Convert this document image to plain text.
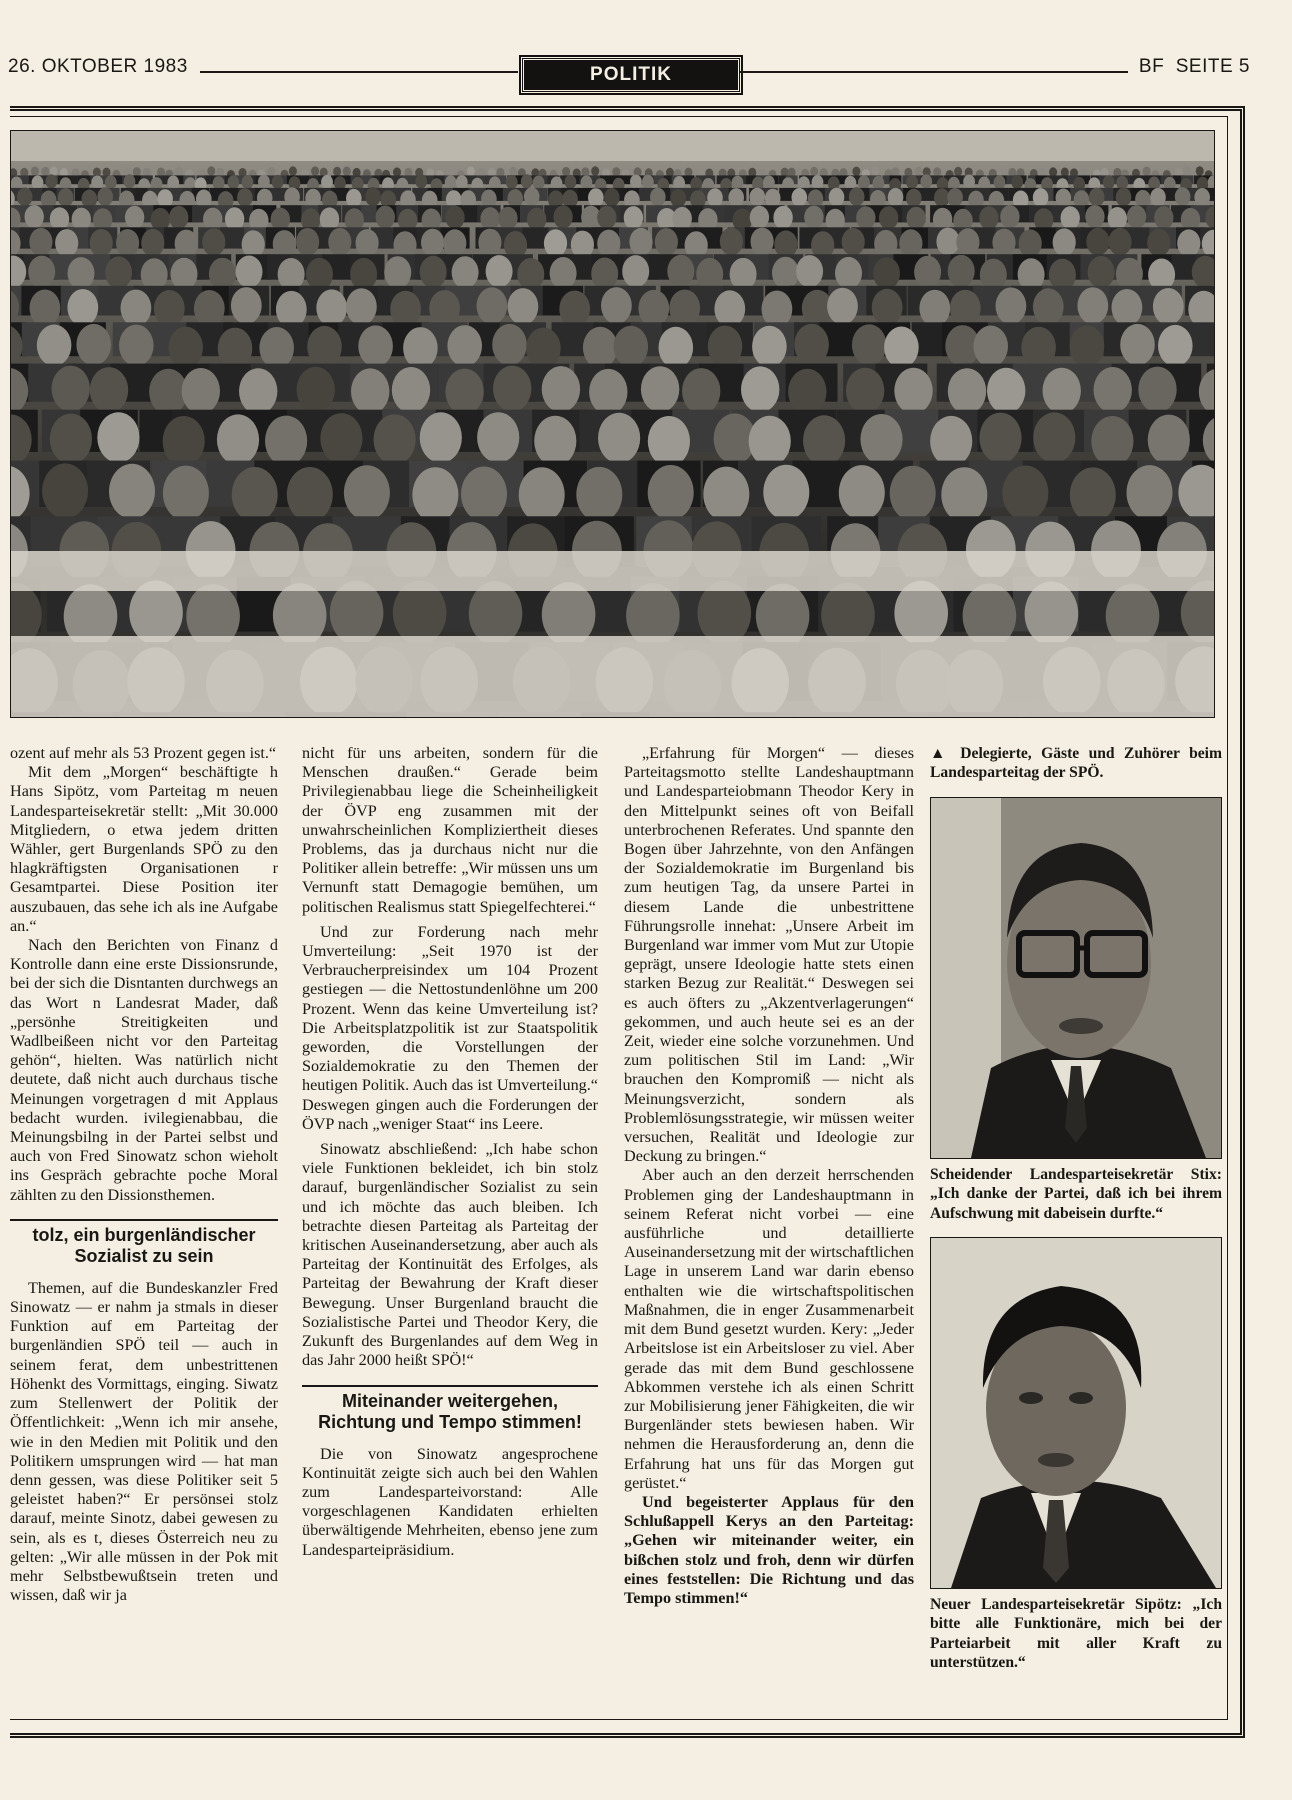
26. OKTOBER 1983	POLITIK	BF  SEITE 5

ozent auf mehr als 53 Prozent gegen ist.“

Mit dem „Morgen“ beschäftigte h Hans Sipötz, vom Parteitag m neuen Landesparteisekretär stellt: „Mit 30.000 Mitgliedern, o etwa jedem dritten Wähler, gert Burgenlands SPÖ zu den hlagkräftigsten Organisationen r Gesamtpartei. Diese Position iter auszubauen, das sehe ich als ine Aufgabe an.“

Nach den Berichten von Finanz d Kontrolle dann eine erste Dissionsrunde, bei der sich die Disntanten durchwegs an das Wort n Landesrat Mader, daß „persönhe Streitigkeiten und Wadlbeißeen nicht vor den Parteitag gehön“, hielten. Was natürlich nicht deutete, daß nicht auch durchaus tische Meinungen vorgetragen d mit Applaus bedacht wurden. ivilegienabbau, die Meinungsbilng in der Partei selbst und auch von Fred Sinowatz schon wieholt ins Gespräch gebrachte poche Moral zählten zu den Dissionsthemen.

tolz, ein burgenländischer Sozialist zu sein

Themen, auf die Bundeskanzler Fred Sinowatz — er nahm ja stmals in dieser Funktion auf em Parteitag der burgenländien SPÖ teil — auch in seinem ferat, dem unbestrittenen Höhenkt des Vormittags, einging. Siwatz zum Stellenwert der Politik der Öffentlichkeit: „Wenn ich mir ansehe, wie in den Medien mit Politik und den Politikern umsprungen wird — hat man denn gessen, was diese Politiker seit 5 geleistet haben?“ Er persönsei stolz darauf, meinte Sinotz, dabei gewesen zu sein, als es t, dieses Österreich neu zu gelten: „Wir alle müssen in der Pok mit mehr Selbstbewußtsein treten und wissen, daß wir ja

nicht für uns arbeiten, sondern für die Menschen draußen.“ Gerade beim Privilegienabbau liege die Scheinheiligkeit der ÖVP eng zusammen mit der unwahrscheinlichen Kompliziertheit dieses Problems, das ja durchaus nicht nur die Politiker allein betreffe: „Wir müssen uns um Vernunft statt Demagogie bemühen, um politischen Realismus statt Spiegelfechterei.“

Und zur Forderung nach mehr Umverteilung: „Seit 1970 ist der Verbraucherpreisindex um 104 Prozent gestiegen — die Nettostundenlöhne um 200 Prozent. Wenn das keine Umverteilung ist? Die Arbeitsplatzpolitik ist zur Staatspolitik geworden, die Vorstellungen der Sozialdemokratie zu den Themen der heutigen Politik. Auch das ist Umverteilung.“ Deswegen gingen auch die Forderungen der ÖVP nach „weniger Staat“ ins Leere.

Sinowatz abschließend: „Ich habe schon viele Funktionen bekleidet, ich bin stolz darauf, burgenländischer Sozialist zu sein und ich möchte das auch bleiben. Ich betrachte diesen Parteitag als Parteitag der kritischen Auseinandersetzung, aber auch als Parteitag der Kontinuität des Erfolges, als Parteitag der Bewahrung der Kraft dieser Bewegung. Unser Burgenland braucht die Sozialistische Partei und Theodor Kery, die Zukunft des Burgenlandes auf dem Weg in das Jahr 2000 heißt SPÖ!“

Miteinander weitergehen, Richtung und Tempo stimmen!

Die von Sinowatz angesprochene Kontinuität zeigte sich auch bei den Wahlen zum Landesparteivorstand: Alle vorgeschlagenen Kandidaten erhielten überwältigende Mehrheiten, ebenso jene zum Landesparteipräsidium.

„Erfahrung für Morgen“ — dieses Parteitagsmotto stellte Landeshauptmann und Landesparteiobmann Theodor Kery in den Mittelpunkt seines oft von Beifall unterbrochenen Referates. Und spannte den Bogen über Jahrzehnte, von den Anfängen der Sozialdemokratie im Burgenland bis zum heutigen Tag, da unsere Partei in diesem Lande die unbestrittene Führungsrolle innehat: „Unsere Arbeit im Burgenland war immer vom Mut zur Utopie geprägt, unsere Ideologie hatte stets einen starken Bezug zur Realität.“ Deswegen sei es auch öfters zu „Akzentverlagerungen“ gekommen, und auch heute sei es an der Zeit, wieder eine solche vorzunehmen. Und zum politischen Stil im Land: „Wir brauchen den Kompromiß — nicht als Meinungsverzicht, sondern als Problemlösungsstrategie, wir müssen weiter versuchen, Realität und Ideologie zur Deckung zu bringen.“

Aber auch an den derzeit herrschenden Problemen ging der Landeshauptmann in seinem Referat nicht vorbei — eine ausführliche und detaillierte Auseinandersetzung mit der wirtschaftlichen Lage in unserem Land war darin ebenso enthalten wie die wirtschaftspolitischen Maßnahmen, die in enger Zusammenarbeit mit dem Bund gesetzt wurden. Kery: „Jeder Arbeitslose ist ein Arbeitsloser zu viel. Aber gerade das mit dem Bund geschlossene Abkommen verstehe ich als einen Schritt zur Mobilisierung jener Fähigkeiten, die wir Burgenländer stets bewiesen haben. Wir nehmen die Herausforderung an, denn die Erfahrung hat uns für das Morgen gut gerüstet.“

Und begeisterter Applaus für den Schlußappell Kerys an den Parteitag: „Gehen wir miteinander weiter, ein bißchen stolz und froh, denn wir dürfen eines feststellen: Die Richtung und das Tempo stimmen!“

▲ Delegierte, Gäste und Zuhörer beim Landesparteitag der SPÖ.
Scheidender Landesparteisekretär Stix: „Ich danke der Partei, daß ich bei ihrem Aufschwung mit dabeisein durfte.“
Neuer Landesparteisekretär Sipötz: „Ich bitte alle Funktionäre, mich bei der Parteiarbeit mit aller Kraft zu unterstützen.“
